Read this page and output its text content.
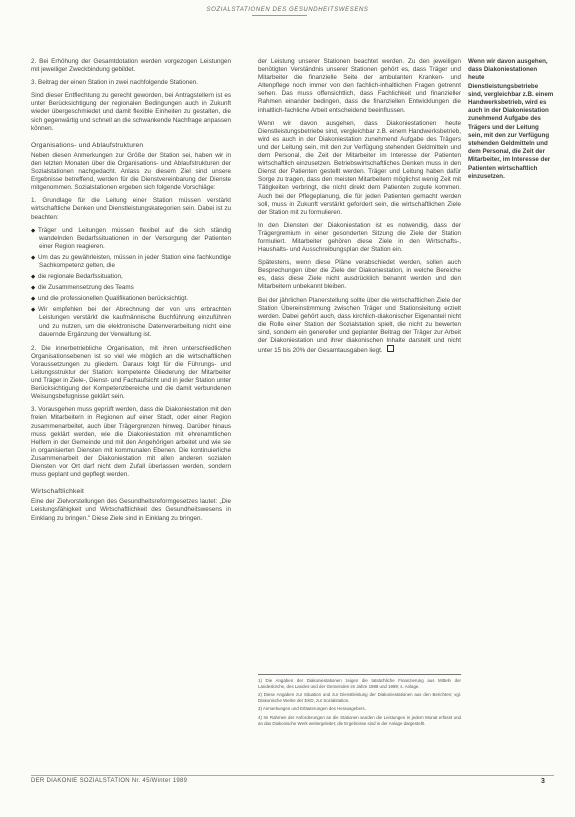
SOZIALSTATIONEN DES GESUNDHEITSWESENS

2. Bei Erhöhung der Gesamtdotation werden vorgezogen Leistungen mit jeweiliger Zweckbindung gebildet.

3. Beitrag der einen Station in zwei nachfolgende Stationen.

Sind dieser Entflechtung zu gerecht geworden, bei Antragstellern ist es unter Berücksichtigung der regionalen Bedingungen auch in Zukunft wieder übergeschmiedet und damit flexible Einheiten zu gestalten, die sich gegenwärtig und schnell an die schwankende Nachfrage anpassen können.

Organisations- und Ablaufstrukturen

Neben diesen Anmerkungen zur Größe der Station sei, haben wir in den letzten Monaten über die Organisations- und Ablaufstrukturen der Sozialstationen nachgedacht. Anlass zu diesem Ziel sind unsere Ergebnisse betreffend, werden für die Dienstvereinbarung der Dienste mitgenommen. Sozialstationen ergeben sich folgende Vorschläge:

1. Grundlage für die Leitung einer Station müssen verstärkt wirtschaftliche Denken und Dienstleistungskategorien sein. Dabei ist zu beachten:

◆ Träger und Leitungen müssen flexibel auf die sich ständig wandelnden Bedarfssituationen in der Versorgung der Patienten einer Region reagieren.
◆ Um das zu gewährleisten, müssen in jeder Station eine fachkundige Sachkompetenz gelten, die
◆ die regionale Bedarfssituation,
◆ die Zusammensetzung des Teams
◆ und die professionellen Qualifikationen berücksichtigt.
◆ Wir empfehlen bei der Abrechnung der von uns erbrachten Leistungen verstärkt die kaufmännische Buchführung einzuführen und zu nutzen, um die elektronische Datenverarbeitung nicht eine dauernde Ergänzung der Verwaltung ist.

2. Die innerbetriebliche Organisation, mit ihren unterschiedlichen Organisationsebenen ist so viel wie möglich an die wirtschaftlichen Voraussetzungen zu gliedern. Daraus folgt für die Führungs- und Leitungsstruktur der Station: kompetente Gliederung der Mitarbeiter und Träger in Ziele-, Dienst- und Fachaufsicht und in jeder Station unter Berücksichtigung der Kompetenzbereiche und die damit verbundenen Weisungsbefugnisse geklärt sein.

3. Vorausgehen muss geprüft werden, dass die Diakoniestation mit den freien Mitarbeitern in Regionen auf einer Stadt, oder einer Region zusammenarbeitet, auch über Trägergrenzen hinweg. Darüber hinaus muss geklärt werden, wie die Diakoniestation mit ehrenamtlichen Helfern in der Gemeinde und mit den Angehörigen arbeitet und wie sie in organisierten Diensten mit kommunalen Ebenen. Die kontinuierliche Zusammenarbeit der Diakoniestation mit allen anderen sozialen Diensten vor Ort darf nicht dem Zufall überlassen werden, sondern muss geplant und gepflegt werden.

Wirtschaftlichkeit

Eine der Zielvorstellungen des Gesundheitsreformgesetzes lautet: „Die Leistungsfähigkeit und Wirtschaftlichkeit des Gesundheitswesens in Einklang zu bringen." Diese Ziele sind in Einklang zu bringen.

der Leistung unserer Stationen beachtet werden. Zu den jeweiligen benötigten Verständnis unserer Stationen gehört es, dass Träger und Mitarbeiter die finanzielle Seite der ambulanten Kranken- und Altenpflege noch immer von den fachlich-inhaltlichen Fragen getrennt sehen. Das muss offensichtlich, dass Fachlichkeit und finanzieller Rahmen einander bedingen, dass die finanziellen Entwicklungen die inhaltlich-fachliche Arbeit entscheidend beeinflussen.

Wenn wir davon ausgehen, dass Diakoniestationen heute Dienstleistungsbetriebe sind, vergleichbar z.B. einem Handwerksbetrieb, wird es auch in der Diakoniestation zunehmend Aufgabe des Trägers und der Leitung sein, mit den zur Verfügung stehenden Geldmitteln und dem Personal, die Zeit der Mitarbeiter im Interesse der Patienten wirtschaftlich einzusetzen. Betriebswirtschaftliches Denken muss in den Dienst der Patienten gestellt werden. Träger und Leitung haben dafür Sorge zu tragen, dass den meisten Mitarbeitern möglichst wenig Zeit mit Tätigkeiten verbringt, die nicht direkt dem Patienten zugute kommen. Auch bei der Pflegeplanung, die für jeden Patienten gemacht werden soll, muss in Zukunft verstärkt gefordert sein, die wirtschaftlichen Ziele der Station mit zu formulieren.

In den Diensten der Diakoniestation ist es notwendig, dass der Trägergremium in einer gesonderten Sitzung die Ziele der Station formuliert. Mitarbeiter gehören diese Ziele in den Wirtschafts-, Haushalts- und Ausschreibungsplan der Station ein.

Spätestens, wenn diese Pläne verabschiedet werden, sollen auch Besprechungen über die Ziele der Diakoniestation, in welche Bereiche es, dass diese Ziele nicht ausdrücklich benannt werden und den Mitarbeitern unbekannt bleiben.

Bei der jährlichen Planerstellung sollte über die wirtschaftlichen Ziele der Station Übereinstimmung zwischen Träger und Stationsleitung erzielt werden. Dabei gehört auch, dass kirchlich-diakonischer Eigenanteil nicht die Rolle einer Station der Sozialstation spielt, die nicht zu bewerten sind, sondern ein genereller und geplanter Beitrag der Träger zur Arbeit der Diakoniestation und ihrer diakonischen Inhalte darstellt und nicht unter 15 bis 20% der Gesamtausgaben liegt.

Wenn wir davon ausgehen, dass Diakoniestationen heute Dienstleistungsbetriebe sind, vergleichbar z.B. einem Handwerksbetrieb, wird es auch in der Diakoniestation zunehmend Aufgabe des Trägers und der Leitung sein, mit den zur Verfügung stehenden Geldmitteln und dem Personal, die Zeit der Mitarbeiter, im Interesse der Patienten wirtschaftlich einzusetzen.

1) Die Angaben der Diakoniestationen zeigen die tatsächliche Finanzierung aus Mitteln der Landeskirche, des Landes und der Gemeinden im Jahre 1988 und 1989; s. Anlage.

2) Diese Angaben zur Situation und zur Dienstleistung der Diakoniestationen aus den Berichten; vgl. Diakonische Werke der EKD, zur Sozialstation.

3) Anmerkungen und Erläuterungen des Herausgebers.

4) Im Rahmen der Anforderungen an die Stationen wurden die Leistungen in jedem Monat erfasst und an das Diakonische Werk weitergeleitet; die Ergebnisse sind in der Anlage dargestellt.

DER DIAKONIE SOZIALSTATION Nr. 45/Winter 1989	3
